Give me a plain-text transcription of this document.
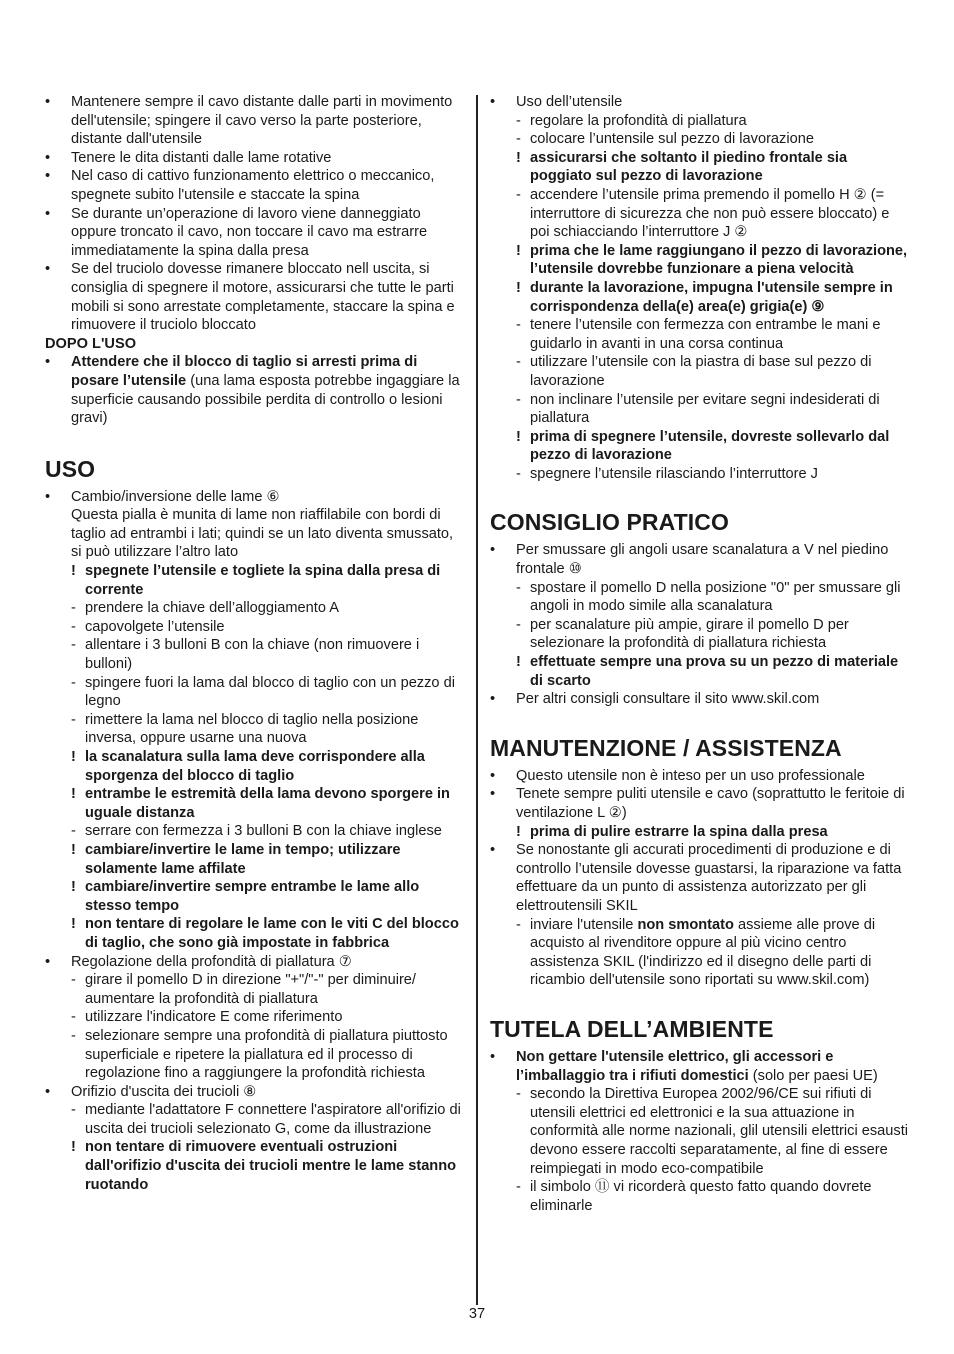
•	Mantenere sempre il cavo distante dalle parti in movimento dell'utensile; spingere il cavo verso la parte posteriore, distante dall'utensile
•	Tenere le dita distanti dalle lame rotative
•	Nel caso di cattivo funzionamento elettrico o meccanico, spegnete subito l'utensile e staccate la spina
•	Se durante un’operazione di lavoro viene danneggiato oppure troncato il cavo, non toccare il cavo ma estrarre immediatamente la spina dalla presa
•	Se del truciolo dovesse rimanere bloccato nell uscita, si consiglia di spegnere il motore, assicurarsi che tutte le parti mobili si sono arrestate completamente, staccare la spina e rimuovere il truciolo bloccato
DOPO L'USO
•	Attendere che il blocco di taglio si arresti prima di posare l’utensile (una lama esposta potrebbe ingaggiare la superficie causando possibile perdita di controllo o lesioni gravi)
USO
•	Cambio/inversione delle lame ⑥
Questa pialla è munita di lame non riaffilabile con bordi di taglio ad entrambi i lati; quindi se un lato diventa smussato, si può utilizzare l’altro lato
! spegnete l’utensile e togliete la spina dalla presa di corrente
- prendere la chiave dell’alloggiamento A
- capovolgete l’utensile
- allentare i 3 bulloni B con la chiave (non rimuovere i bulloni)
- spingere fuori la lama dal blocco di taglio con un pezzo di legno
- rimettere la lama nel blocco di taglio nella posizione inversa, oppure usarne una nuova
! la scanalatura sulla lama deve corrispondere alla sporgenza del blocco di taglio
! entrambe le estremità della lama devono sporgere in uguale distanza
- serrare con fermezza i 3 bulloni B con la chiave inglese
! cambiare/invertire le lame in tempo; utilizzare solamente lame affilate
! cambiare/invertire sempre entrambe le lame allo stesso tempo
! non tentare di regolare le lame con le viti C del blocco di taglio, che sono già impostate in fabbrica
•	Regolazione della profondità di piallatura ⑦
- girare il pomello D in direzione "+"/"-" per diminuire/ aumentare la profondità di piallatura
- utilizzare l'indicatore E come riferimento
- selezionare sempre una profondità di piallatura piuttosto superficiale e ripetere la piallatura ed il processo di regolazione fino a raggiungere la profondità richiesta
•	Orifizio d'uscita dei trucioli ⑧
- mediante l'adattatore F connettere l'aspiratore all'orifizio di uscita dei trucioli selezionato G, come da illustrazione
! non tentare di rimuovere eventuali ostruzioni dall'orifizio d'uscita dei trucioli mentre le lame stanno ruotando
•	Uso dell’utensile
- regolare la profondità di piallatura
- colocare l’untensile sul pezzo di lavorazione
! assicurarsi che soltanto il piedino frontale sia poggiato sul pezzo di lavorazione
- accendere l’utensile prima premendo il pomello H ② (= interruttore di sicurezza che non può essere bloccato) e poi schiacciando l’interruttore J ②
! prima che le lame raggiungano il pezzo di lavorazione, l’utensile dovrebbe funzionare a piena velocità
! durante la lavorazione, impugna l'utensile sempre in corrispondenza della(e) area(e) grigia(e) ⑨
- tenere l’utensile con fermezza con entrambe le mani e guidarlo in avanti in una corsa continua
- utilizzare l’utensile con la piastra di base sul pezzo di lavorazione
- non inclinare l’utensile per evitare segni indesiderati di piallatura
! prima di spegnere l’utensile, dovreste sollevarlo dal pezzo di lavorazione
- spegnere l’utensile rilasciando l’interruttore J
CONSIGLIO PRATICO
•	Per smussare gli angoli usare scanalatura a V nel piedino frontale ⑩
- spostare il pomello D nella posizione "0" per smussare gli angoli in modo simile alla scanalatura
- per scanalature più ampie, girare il pomello D per selezionare la profondità di piallatura richiesta
! effettuate sempre una prova su un pezzo di materiale di scarto
•	Per altri consigli consultare il sito www.skil.com
MANUTENZIONE / ASSISTENZA
•	Questo utensile non è inteso per un uso professionale
•	Tenete sempre puliti utensile e cavo (soprattutto le feritoie di ventilazione L ②)
! prima di pulire estrarre la spina dalla presa
•	Se nonostante gli accurati procedimenti di produzione e di controllo l’utensile dovesse guastarsi, la riparazione va fatta effettuare da un punto di assistenza autorizzato per gli elettroutensili SKIL
- inviare l'utensile non smontato assieme alle prove di acquisto al rivenditore oppure al più vicino centro assistenza SKIL (l'indirizzo ed il disegno delle parti di ricambio dell'utensile sono riportati su www.skil.com)
TUTELA DELL’AMBIENTE
•	Non gettare l'utensile elettrico, gli accessori e l’imballaggio tra i rifiuti domestici (solo per paesi UE)
- secondo la Direttiva Europea 2002/96/CE sui rifiuti di utensili elettrici ed elettronici e la sua attuazione in conformità alle norme nazionali, glil utensili elettrici esausti devono essere raccolti separatamente, al fine di essere reimpiegati in modo eco-compatibile
- il simbolo ⑪ vi ricorderà questo fatto quando dovrete eliminarle
37
